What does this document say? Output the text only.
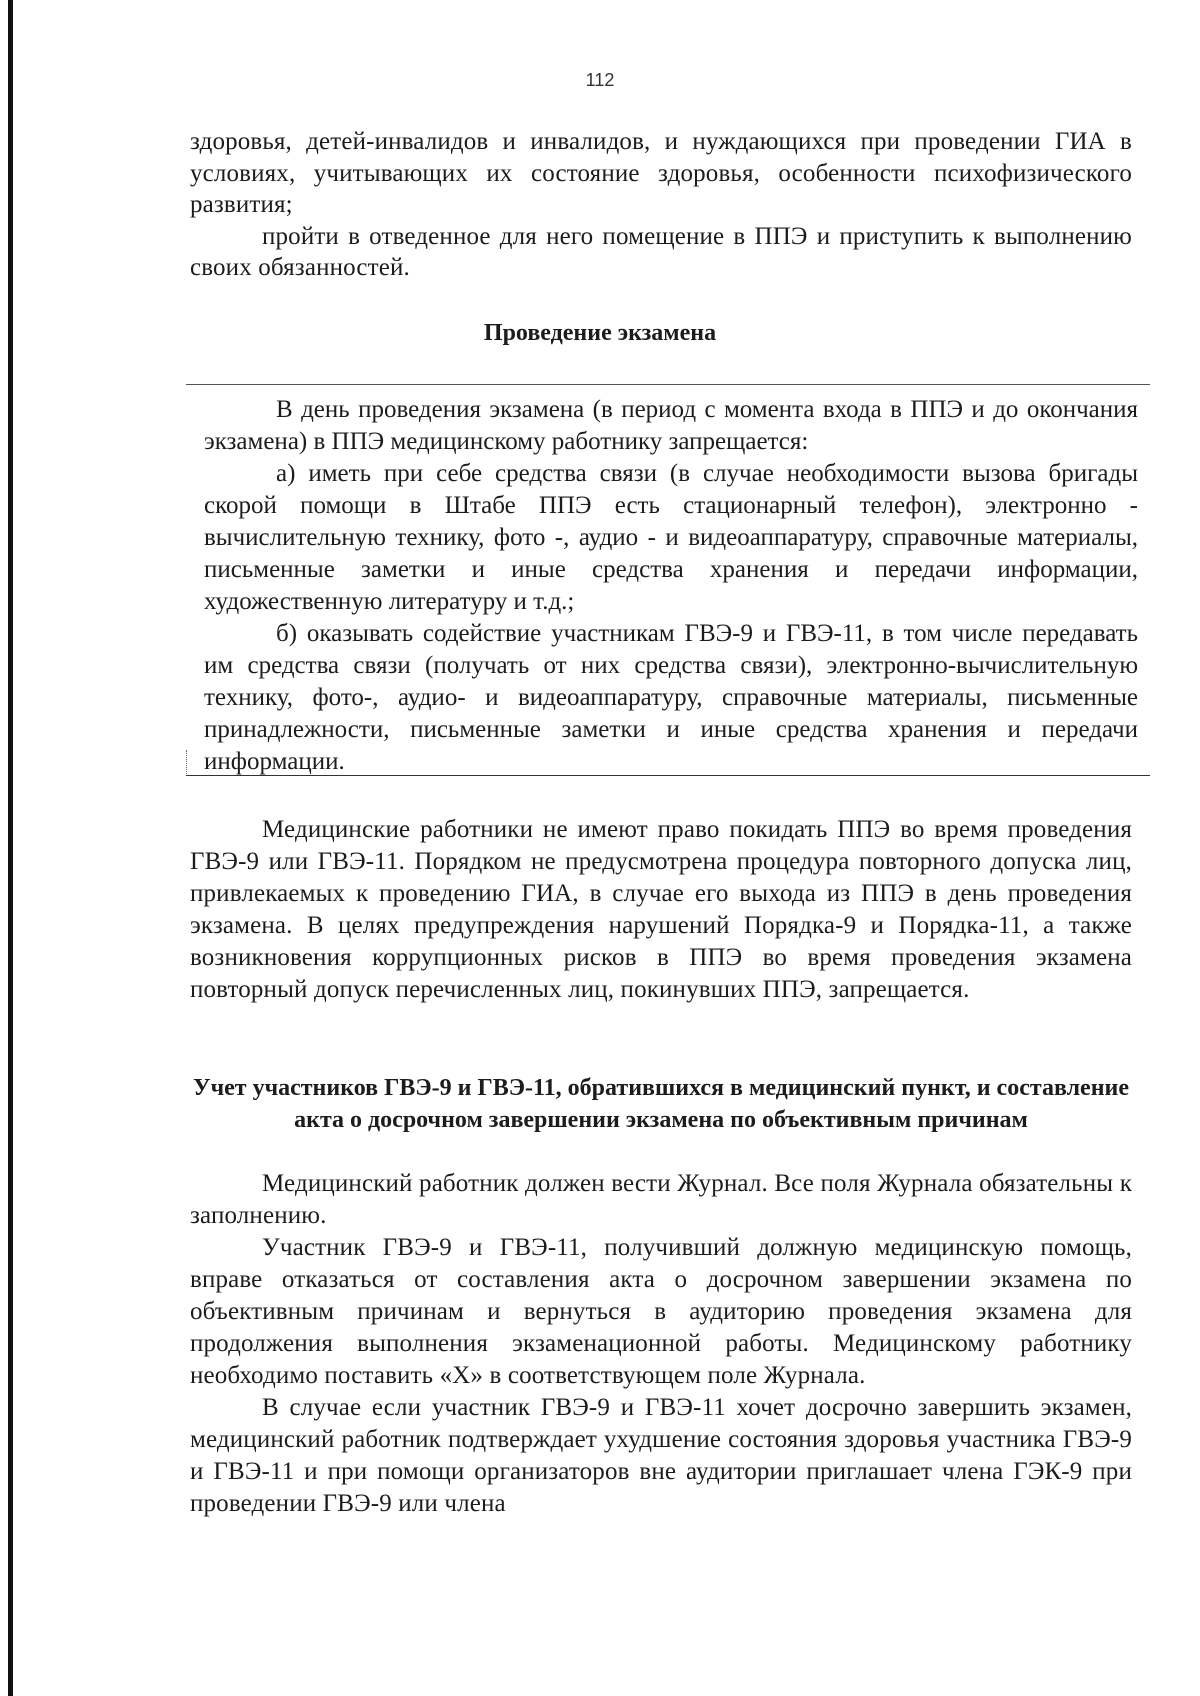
112

здоровья, детей-инвалидов и инвалидов, и нуждающихся при проведении ГИА в условиях, учитывающих их состояние здоровья, особенности психофизического развития;

пройти в отведенное для него помещение в ППЭ и приступить к выполнению своих обязанностей.

Проведение экзамена

В день проведения экзамена (в период с момента входа в ППЭ и до окончания экзамена) в ППЭ медицинскому работнику запрещается:

а) иметь при себе средства связи (в случае необходимости вызова бригады скорой помощи в Штабе ППЭ есть стационарный телефон), электронно - вычислительную технику, фото -, аудио - и видеоаппаратуру, справочные материалы, письменные заметки и иные средства хранения и передачи информации, художественную литературу и т.д.;

б) оказывать содействие участникам ГВЭ-9 и ГВЭ-11, в том числе передавать им средства связи (получать от них средства связи), электронно-вычислительную технику, фото-, аудио- и видеоаппаратуру, справочные материалы, письменные принадлежности, письменные заметки и иные средства хранения и передачи информации.

Медицинские работники не имеют право покидать ППЭ во время проведения ГВЭ-9 или ГВЭ-11. Порядком не предусмотрена процедура повторного допуска лиц, привлекаемых к проведению ГИА, в случае его выхода из ППЭ в день проведения экзамена. В целях предупреждения нарушений Порядка-9 и Порядка-11, а также возникновения коррупционных рисков в ППЭ во время проведения экзамена повторный допуск перечисленных лиц, покинувших ППЭ, запрещается.

Учет участников ГВЭ-9 и ГВЭ-11, обратившихся в медицинский пункт, и составление акта о досрочном завершении экзамена по объективным причинам

Медицинский работник должен вести Журнал. Все поля Журнала обязательны к заполнению.

Участник ГВЭ-9 и ГВЭ-11, получивший должную медицинскую помощь, вправе отказаться от составления акта о досрочном завершении экзамена по объективным причинам и вернуться в аудиторию проведения экзамена для продолжения выполнения экзаменационной работы. Медицинскому работнику необходимо поставить «Х» в соответствующем поле Журнала.

В случае если участник ГВЭ-9 и ГВЭ-11 хочет досрочно завершить экзамен, медицинский работник подтверждает ухудшение состояния здоровья участника ГВЭ-9 и ГВЭ-11 и при помощи организаторов вне аудитории приглашает члена ГЭК-9 при проведении ГВЭ-9 или члена
